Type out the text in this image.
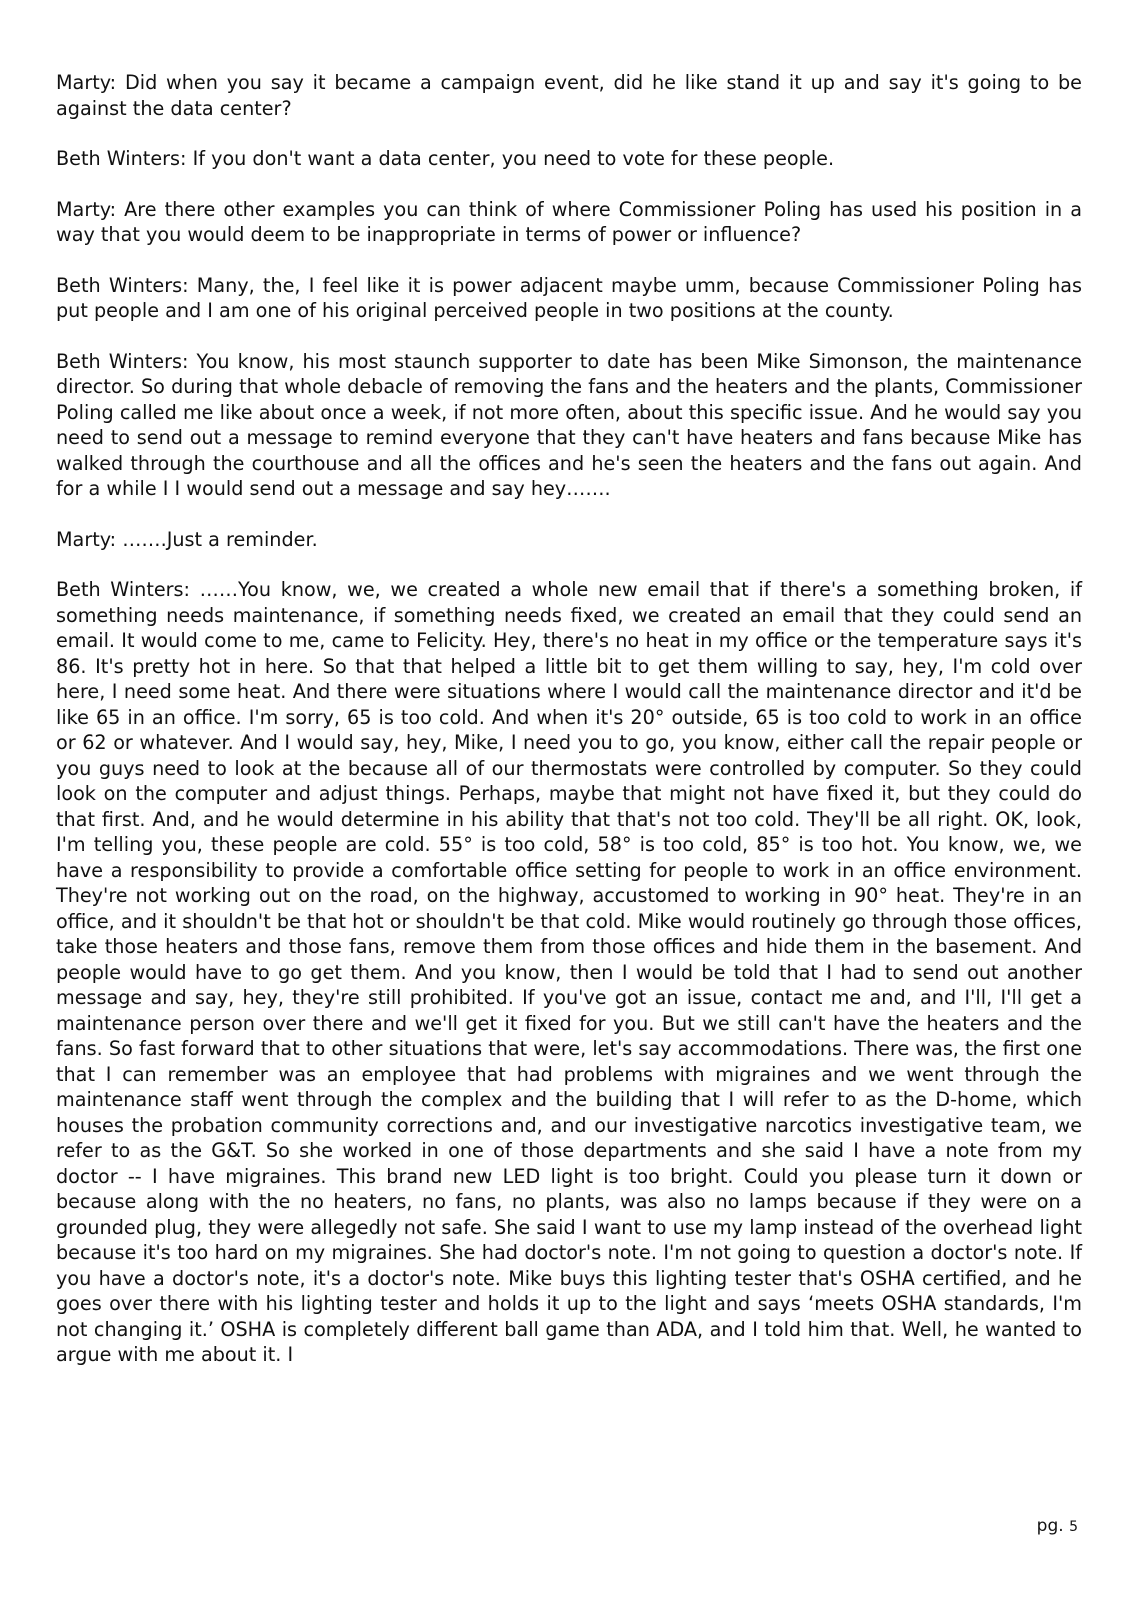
Marty: Did when you say it became a campaign event, did he like stand it up and say it's going to be against the data center?

Beth Winters: If you don't want a data center, you need to vote for these people.

Marty: Are there other examples you can think of where Commissioner Poling has used his position in a way that you would deem to be inappropriate in terms of power or influence?

Beth Winters: Many, the, I feel like it is power adjacent maybe umm, because Commissioner Poling has put people and I am one of his original perceived people in two positions at the county.

Beth Winters: You know, his most staunch supporter to date has been Mike Simonson, the maintenance director. So during that whole debacle of removing the fans and the heaters and the plants, Commissioner Poling called me like about once a week, if not more often, about this specific issue. And he would say you need to send out a message to remind everyone that they can't have heaters and fans because Mike has walked through the courthouse and all the offices and he's seen the heaters and the fans out again. And for a while I I would send out a message and say hey…….

Marty: …….Just a reminder.

Beth Winters: ……You know, we, we created a whole new email that if there's a something broken, if something needs maintenance, if something needs fixed, we created an email that they could send an email. It would come to me, came to Felicity. Hey, there's no heat in my office or the temperature says it's 86. It's pretty hot in here. So that that helped a little bit to get them willing to say, hey, I'm cold over here, I need some heat. And there were situations where I would call the maintenance director and it'd be like 65 in an office. I'm sorry, 65 is too cold. And when it's 20° outside, 65 is too cold to work in an office or 62 or whatever. And I would say, hey, Mike, I need you to go, you know, either call the repair people or you guys need to look at the because all of our thermostats were controlled by computer. So they could look on the computer and adjust things. Perhaps, maybe that might not have fixed it, but they could do that first. And, and he would determine in his ability that that's not too cold. They'll be all right. OK, look, I'm telling you, these people are cold. 55° is too cold, 58° is too cold, 85° is too hot. You know, we, we have a responsibility to provide a comfortable office setting for people to work in an office environment. They're not working out on the road, on the highway, accustomed to working in 90° heat. They're in an office, and it shouldn't be that hot or shouldn't be that cold. Mike would routinely go through those offices, take those heaters and those fans, remove them from those offices and hide them in the basement. And people would have to go get them. And you know, then I would be told that I had to send out another message and say, hey, they're still prohibited. If you've got an issue, contact me and, and I'll, I'll get a maintenance person over there and we'll get it fixed for you. But we still can't have the heaters and the fans. So fast forward that to other situations that were, let's say accommodations. There was, the first one that I can remember was an employee that had problems with migraines and we went through the maintenance staff went through the complex and the building that I will refer to as the D-home, which houses the probation community corrections and, and our investigative narcotics investigative team, we refer to as the G&T. So she worked in one of those departments and she said I have a note from my doctor -- I have migraines. This brand new LED light is too bright. Could you please turn it down or because along with the no heaters, no fans, no plants, was also no lamps because if they were on a grounded plug, they were allegedly not safe. She said I want to use my lamp instead of the overhead light because it's too hard on my migraines. She had doctor's note. I'm not going to question a doctor's note. If you have a doctor's note, it's a doctor's note. Mike buys this lighting tester that's OSHA certified, and he goes over there with his lighting tester and holds it up to the light and says ‘meets OSHA standards, I'm not changing it.’ OSHA is completely different ball game than ADA, and I told him that. Well, he wanted to argue with me about it. I

pg. 5
